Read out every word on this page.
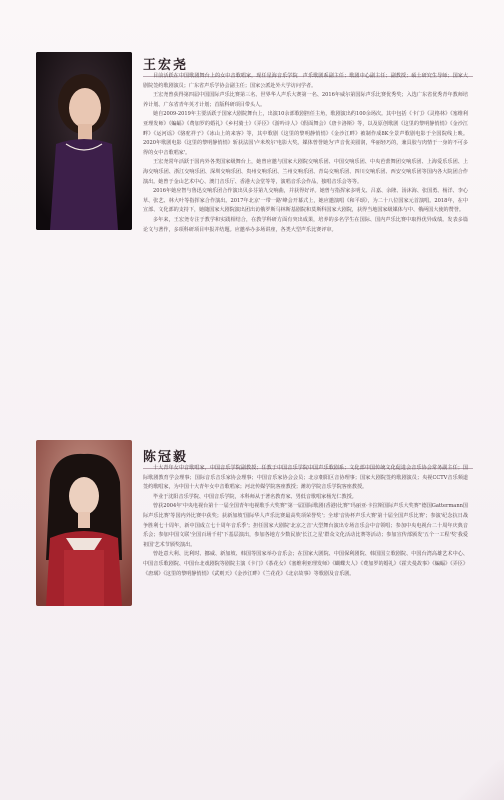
王宏尧

目前活跃在中国歌剧舞台上的女中音歌唱家，现任星海音乐学院　声乐歌剧系副主任；歌剧中心副主任；副教授；硕士研究生导师；国家大剧院签约歌剧演员；广东省声乐学协会副主任；国家公派赴外大学访问学者。

王宏尧曾获得第四届中国国际声乐比赛第三名、世界华人声乐大赛第一名、2016年威尔第国际声乐比赛优秀奖；入选广东省优秀青年教师培养计划、广东省青年英才计划；首版科研项目带头人。

她自2009-2019年主要活跃于国家大剧院舞台上，出演10余部歌剧担任主角，歌剧演出约100余场次。其中包括《卡门》《灵格林》《塞维利亚理发师》《蝙蝠》《费加罗的婚礼》《乡村骑士》《弄臣》《游吟诗人》《假面舞会》《唐卡洛斯》等，以及原创歌剧《这里的黎明静悄悄》《金沙江畔》《运河谣》《骆驼祥子》《冰山上的来客》等，其中歌剧《这里的黎明静悄悄》《金沙江畔》被制作成8K全景声歌剧电影于全国院线上映。2020年歌剧电影《这里的黎明静悄悄》斩获法国'卢米埃尔'电影大奖。媒体曾誉她为'声音优美圆润，华丽轻巧的，兼具胶与肉情于一身的不可多得的女中音歌唱家'。

王宏尧常年活跃于国内外各类国家级舞台上，她曾应邀与国家大剧院交响乐团、中国交响乐团、中央芭蕾舞团交响乐团、上海爱乐乐团、上海交响乐团、浙江交响乐团、深圳交响乐团、贵州交响乐团、兰州交响乐团、青岛交响乐团、四川交响乐团、西安交响乐团等国内各大院团合作演出。她曾于金山艺术中心、澳门音乐厅、香港大会堂等等，演唱音乐会作品，独唱音乐会等等。

2016年她应智与鲁迅交响乐团合作演出贝多芬第九交响曲，并获得好评。她曾与指挥家多明戈、吕嘉、余隆、汤沐海、张国勇、杨洋、李心草、张艺、林大叶等指挥家合作演出。2017年北京'一带一路'峰会开幕式上，她应邀演唱《和平颂》，为二十八位国家元首演唱。2018年，在中宣部、文化部的支持下，她随国家大剧院演出团出访俄罗斯马林斯基剧院和莫斯科国家大剧院，获得当地国家级媒体与中、俄两国大使的赞誉。

多年来，王宏尧专注于教学和实践相结合，在教学科研方面有突出成果，培养的多名学生在国际、国内声乐比赛中取得优异成绩。发表多篇论文与著作，多项科研项目申报并结题。应邀举办多场讲座，各类大型声乐比赛评审。

陈冠毅

十大青年女中音歌唱家，中国音乐学院副教授；任教于中国音乐学院中国声乐歌剧系；文化部中国传统文化促进会音乐协会常务副主任；国际歌剧教育学会理事；国际音乐音乐家协会理事；中国音乐家协会会员；北京朝阳区音协理事；国家大剧院签约歌剧演员；央视CCTV音乐频道签约歌唱家，为中国十大青年女中音歌唱家；河北传媒学院客座教授；潍坊学院音乐学院客座教授。

毕业于沈阳音乐学院、中国音乐学院，本科师从于著名教育家、男低音歌唱家杨光仁教授。

曾获2004年'中央电视台第十一届全国青年电视歌手大奖赛''第一届国际歌剧(香港)比赛''玛丽亚·卡拉斯国际声乐大奖赛''德国Gattermann国际声乐比赛'等国内外比赛中获奖；获新加坡'国际华人声乐比赛最高奖项荣誉奖'；全球'音协杯声乐大赛'第十届全国声乐比赛'；参演'纪念抗日战争胜利七十周年，新中国成立七十周年音乐季'；担任国家大剧院'北京之音'大型舞台演出专场音乐会中音领唱；参加中央电视台二十周年庆典音乐会；参加中国文联'全国百场千村'下基层演出，参加各地方少数民族'长江之星'群众文化活动比赛等活动；参加宣传部颁发'五个一工程'奖'我爱祖国'艺术节颁奖演出。

曾赴意大利、比利时、挪威、新加坡、韩国等国家举办音乐会；在国家大剧院、中国保利剧院、韩国国立歌剧院、中国台湾高雄艺术中心、中国音乐歌剧院、中国台北戏剧院等剧院主演《卡门》《茶花女》《塞维利亚理发师》《蝴蝶夫人》《费加罗的婚礼》《霍夫曼故事》《蝙蝠》《弄臣》《唐璜》《这里的黎明静悄悄》《武则天》《金沙江畔》《兰花花》《北京故事》等歌剧及音乐剧。
